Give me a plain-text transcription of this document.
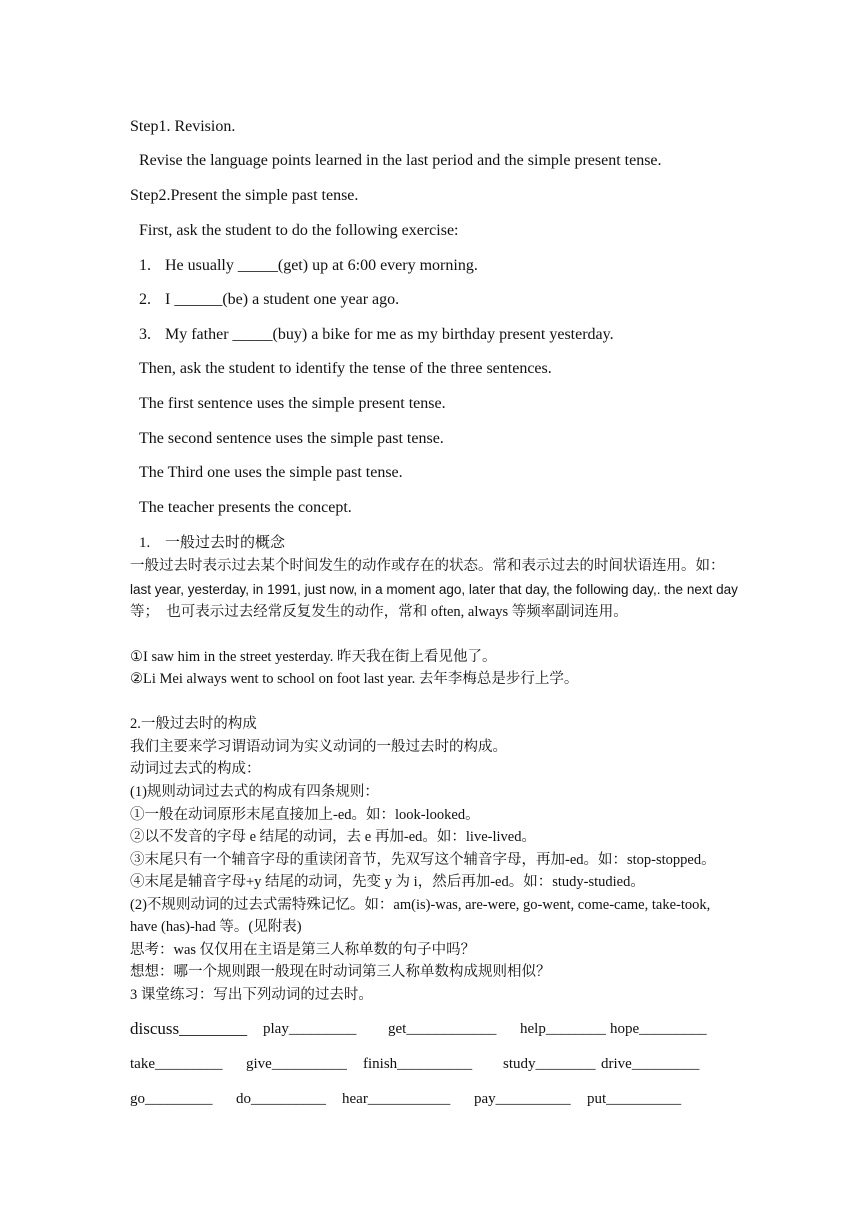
Step1. Revision.
Revise the language points learned in the last period and the simple present tense.
Step2.Present the simple past tense.
First, ask the student to do the following exercise:
1. He usually _____(get) up at 6:00 every morning.
2. I ______(be) a student one year ago.
3. My father _____(buy) a bike for me as my birthday present yesterday.
Then, ask the student to identify the tense of the three sentences.
The first sentence uses the simple present tense.
The second sentence uses the simple past tense.
The Third one uses the simple past tense.
The teacher presents the concept.
1. 一般过去时的概念
一般过去时表示过去某个时间发生的动作或存在的状态。常和表示过去的时间状语连用。如：
last year, yesterday, in 1991, just now, in a moment ago, later that day, the following day,. the next day
等；　也可表示过去经常反复发生的动作，常和 often, always 等频率副词连用。
①I saw him in the street yesterday. 昨天我在街上看见他了。
②Li Mei always went to school on foot last year. 去年李梅总是步行上学。
2.一般过去时的构成
我们主要来学习谓语动词为实义动词的一般过去时的构成。
动词过去式的构成：
(1)规则动词过去式的构成有四条规则：
①一般在动词原形末尾直接加上-ed。如：look-looked。
②以不发音的字母 e 结尾的动词，去 e 再加-ed。如：live-lived。
③末尾只有一个辅音字母的重读闭音节，先双写这个辅音字母，再加-ed。如：stop-stopped。
④末尾是辅音字母+y 结尾的动词，先变 y 为 i，然后再加-ed。如：study-studied。
(2)不规则动词的过去式需特殊记忆。如：am(is)-was, are-were, go-went, come-came, take-took,
have (has)-had 等。(见附表)
思考：was 仅仅用在主语是第三人称单数的句子中吗？
想想：哪一个规则跟一般现在时动词第三人称单数构成规则相似？
3 课堂练习：写出下列动词的过去时。
discuss________ play_________ get____________ help________ hope_________
take_________ give__________ finish__________ study________ drive_________
go_________ do__________ hear___________ pay__________ put__________
